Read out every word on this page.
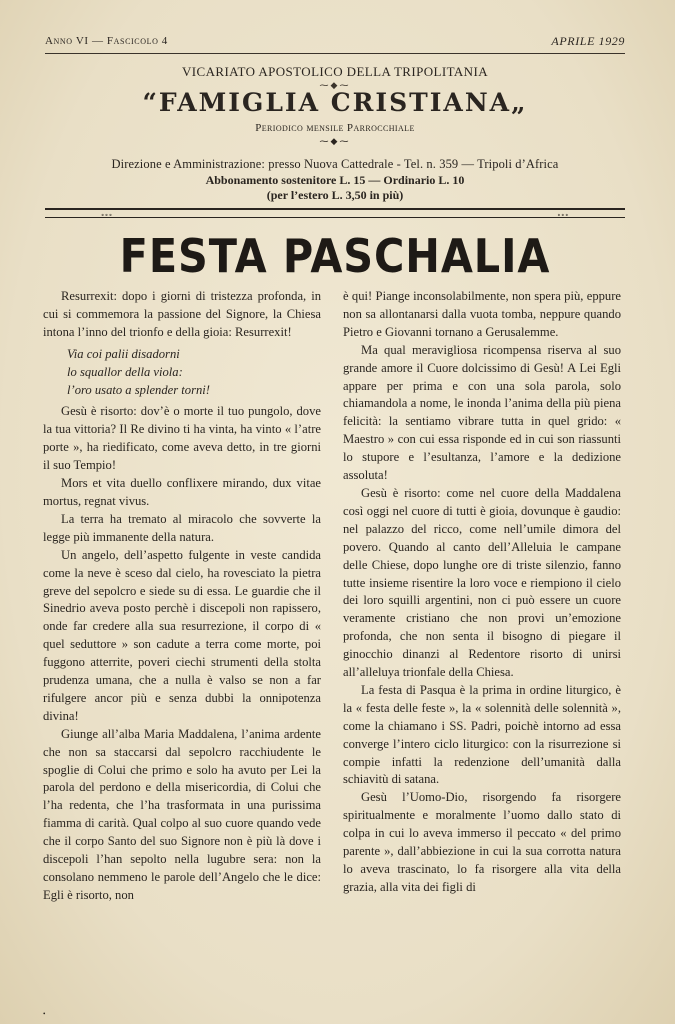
Anno VI — Fascicolo 4	APRILE 1929
VICARIATO APOSTOLICO DELLA TRIPOLITANIA
⁓◆⁓
“FAMIGLIA CRISTIANA„
Periodico mensile Parrocchiale
⁓◆⁓
Direzione e Amministrazione: presso Nuova Cattedrale - Tel. n. 359 — Tripoli d’Africa
Abbonamento sostenitore L. 15 — Ordinario L. 10
(per l’estero L. 3,50 in più)
∘∘∘	∘∘∘
FESTA PASCHALIA

Resurrexit: dopo i giorni di tristezza profonda, in cui si commemora la passione del Signore, la Chiesa intona l’inno del trionfo e della gioia: Resurrexit!

Via coi palii disadorni
lo squallor della viola:
l’oro usato a splender torni!

Gesù è risorto: dov’è o morte il tuo pungolo, dove la tua vittoria? Il Re divino ti ha vinta, ha vinto « l’atre porte », ha riedificato, come aveva detto, in tre giorni il suo Tempio!

Mors et vita duello conflixere mirando, dux vitae mortus, regnat vivus.

La terra ha tremato al miracolo che sovverte la legge più immanente della natura.

Un angelo, dell’aspetto fulgente in veste candida come la neve è sceso dal cielo, ha rovesciato la pietra greve del sepolcro e siede su di essa. Le guardie che il Sinedrio aveva posto perchè i discepoli non rapissero, onde far credere alla sua resurrezione, il corpo di « quel seduttore » son cadute a terra come morte, poi fuggono atterrite, poveri ciechi strumenti della stolta prudenza umana, che a nulla è valso se non a far rifulgere ancor più e senza dubbi la onnipotenza divina!

Giunge all’alba Maria Maddalena, l’anima ardente che non sa staccarsi dal sepolcro racchiudente le spoglie di Colui che primo e solo ha avuto per Lei la parola del perdono e della misericordia, di Colui che l’ha redenta, che l’ha trasformata in una purissima fiamma di carità. Qual colpo al suo cuore quando vede che il corpo Santo del suo Signore non è più là dove i discepoli l’han sepolto nella lugubre sera: non la consolano nemmeno le parole dell’Angelo che le dice: Egli è risorto, non

è qui! Piange inconsolabilmente, non spera più, eppure non sa allontanarsi dalla vuota tomba, neppure quando Pietro e Giovanni tornano a Gerusalemme.

Ma qual meravigliosa ricompensa riserva al suo grande amore il Cuore dolcissimo di Gesù! A Lei Egli appare per prima e con una sola parola, solo chiamandola a nome, le inonda l’anima della più piena felicità: la sentiamo vibrare tutta in quel grido: « Maestro » con cui essa risponde ed in cui son riassunti lo stupore e l’esultanza, l’amore e la dedizione assoluta!

Gesù è risorto: come nel cuore della Maddalena così oggi nel cuore di tutti è gioia, dovunque è gaudio: nel palazzo del ricco, come nell’umile dimora del povero. Quando al canto dell’Alleluia le campane delle Chiese, dopo lunghe ore di triste silenzio, fanno tutte insieme risentire la loro voce e riempiono il cielo dei loro squilli argentini, non ci può essere un cuore veramente cristiano che non provi un’emozione profonda, che non senta il bisogno di piegare il ginocchio dinanzi al Redentore risorto di unirsi all’alleluya trionfale della Chiesa.

La festa di Pasqua è la prima in ordine liturgico, è la « festa delle feste », la « solennità delle solennità », come la chiamano i SS. Padri, poichè intorno ad essa converge l’intero ciclo liturgico: con la risurrezione si compie infatti la redenzione dell’umanità dalla schiavitù di satana.

Gesù l’Uomo-Dio, risorgendo fa risorgere spiritualmente e moralmente l’uomo dallo stato di colpa in cui lo aveva immerso il peccato « del primo parente », dall’abbiezione in cui la sua corrotta natura lo aveva trascinato, lo fa risorgere alla vita della grazia, alla vita dei figli di

•
